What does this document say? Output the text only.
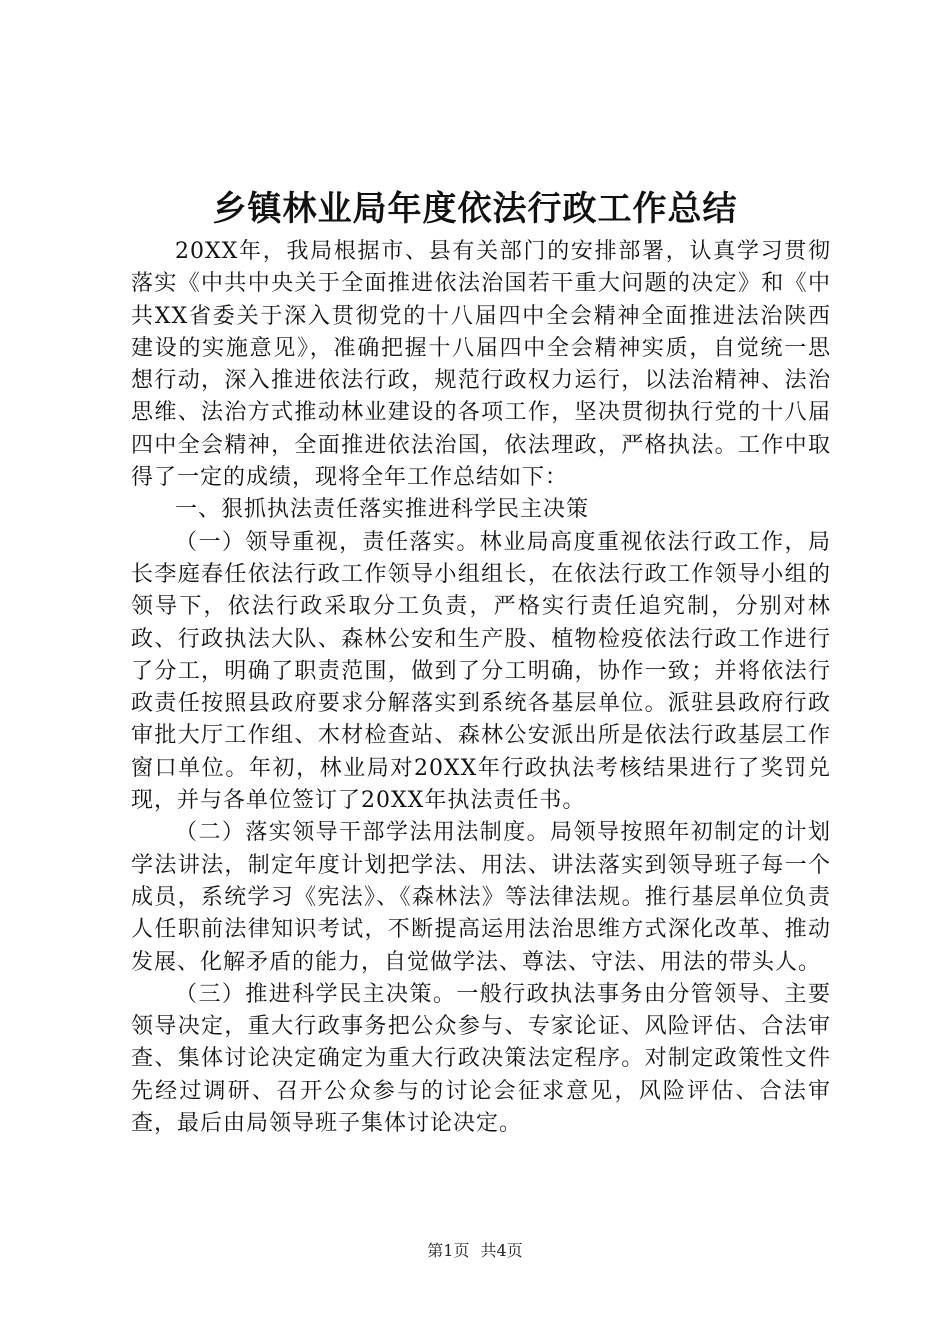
乡镇林业局年度依法行政工作总结

20XX年，我局根据市、县有关部门的安排部署，认真学习贯彻落实《中共中央关于全面推进依法治国若干重大问题的决定》和《中共XX省委关于深入贯彻党的十八届四中全会精神全面推进法治陕西建设的实施意见》，准确把握十八届四中全会精神实质，自觉统一思想行动，深入推进依法行政，规范行政权力运行，以法治精神、法治思维、法治方式推动林业建设的各项工作，坚决贯彻执行党的十八届四中全会精神，全面推进依法治国，依法理政，严格执法。工作中取得了一定的成绩，现将全年工作总结如下：

一、狠抓执法责任落实推进科学民主决策

（一）领导重视，责任落实。林业局高度重视依法行政工作，局长李庭春任依法行政工作领导小组组长，在依法行政工作领导小组的领导下，依法行政采取分工负责，严格实行责任追究制，分别对林政、行政执法大队、森林公安和生产股、植物检疫依法行政工作进行了分工，明确了职责范围，做到了分工明确，协作一致；并将依法行政责任按照县政府要求分解落实到系统各基层单位。派驻县政府行政审批大厅工作组、木材检查站、森林公安派出所是依法行政基层工作窗口单位。年初，林业局对20XX年行政执法考核结果进行了奖罚兑现，并与各单位签订了20XX年执法责任书。

（二）落实领导干部学法用法制度。局领导按照年初制定的计划学法讲法，制定年度计划把学法、用法、讲法落实到领导班子每一个成员，系统学习《宪法》、《森林法》等法律法规。推行基层单位负责人任职前法律知识考试，不断提高运用法治思维方式深化改革、推动发展、化解矛盾的能力，自觉做学法、尊法、守法、用法的带头人。

（三）推进科学民主决策。一般行政执法事务由分管领导、主要领导决定，重大行政事务把公众参与、专家论证、风险评估、合法审查、集体讨论决定确定为重大行政决策法定程序。对制定政策性文件先经过调研、召开公众参与的讨论会征求意见，风险评估、合法审查，最后由局领导班子集体讨论决定。

第1页 共4页
